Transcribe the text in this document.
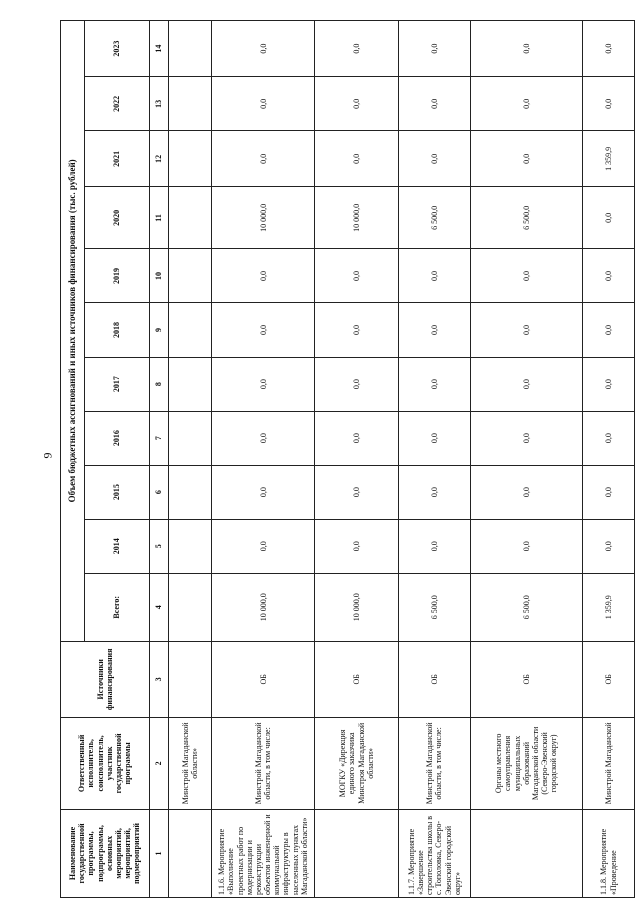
9
Наименование государственной программы, подпрограммы, основных мероприятий, мероприятий, подмероприятий	Ответственный исполнитель, соисполнитель, участник государственной программы	Источники финансирования	Объем бюджетных ассигнований и иных источников финансирования (тыс. рублей)										
			Всего:	2014	2015	2016	2017	2018	2019	2020	2021	2022	2023
1	2	3	4	5	6	7	8	9	10	11	12	13	14
	Минстрой Магаданской области»												
1.1.6. Мероприятие «Выполнение проектных работ по модернизации и реконструкции объектов инженерной и коммунальной инфраструктуры в населенных пунктах Магаданской области»	Минстрой Магаданской области, в том числе:	ОБ	10 000,0	0,0	0,0	0,0	0,0	0,0	0,0	10 000,0	0,0	0,0	0,0
	МОГКУ «Дирекция единого заказчика Минстроя Магаданской области»	ОБ	10 000,0	0,0	0,0	0,0	0,0	0,0	0,0	10 000,0	0,0	0,0	0,0
1.1.7. Мероприятие «Завершение строительства школы в с. Тополовка, Северо-Эвенский городской округ»	Минстрой Магаданской области, в том числе:	ОБ	6 500,0	0,0	0,0	0,0	0,0	0,0	0,0	6 500,0	0,0	0,0	0,0
	Органы местного самоуправления муниципальных образований Магаданской области (Северо-Эвенский городской округ)	ОБ	6 500,0	0,0	0,0	0,0	0,0	0,0	0,0	6 500,0	0,0	0,0	0,0
1.1.8. Мероприятие «Проведение	Минстрой Магаданской	ОБ	1 359,9	0,0	0,0	0,0	0,0	0,0	0,0	0,0	1 359,9	0,0	0,0
